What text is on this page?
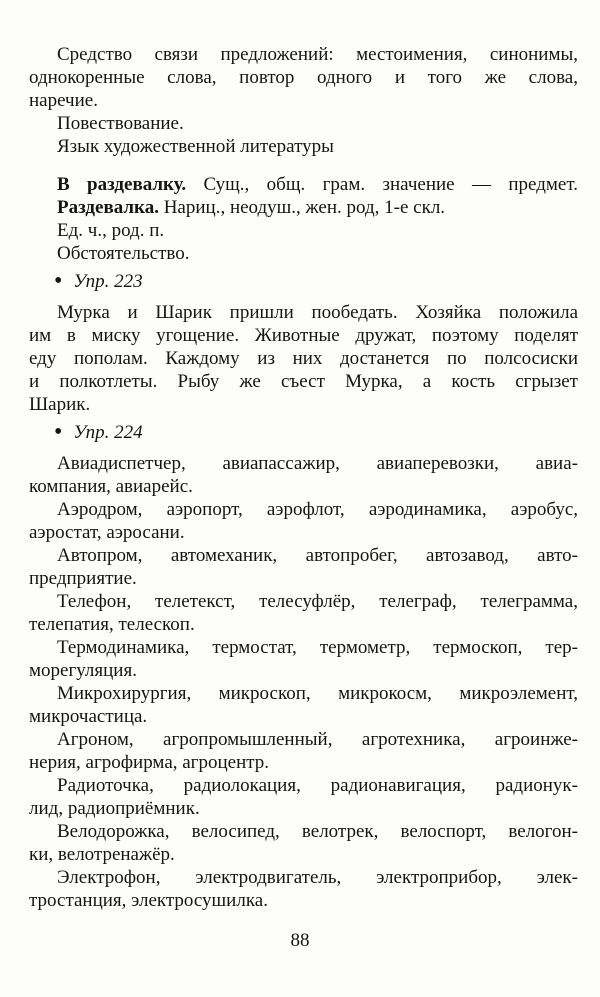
Средство связи предложений: местоимения, синонимы,
однокоренные слова, повтор одного и того же слова,
наречие.
Повествование.
Язык художественной литературы
В раздевалку. Сущ., общ. грам. значение — предмет.
Раздевалка. Нариц., неодуш., жен. род, 1-е скл.
Ед. ч., род. п.
Обстоятельство.
• Упр. 223
Мурка и Шарик пришли пообедать. Хозяйка положила
им в миску угощение. Животные дружат, поэтому поделят
еду пополам. Каждому из них достанется по полсосиски
и полкотлеты. Рыбу же съест Мурка, а кость сгрызет
Шарик.
• Упр. 224
Авиадиспетчер, авиапассажир, авиаперевозки, авиа-
компания, авиарейс.
Аэродром, аэропорт, аэрофлот, аэродинамика, аэробус,
аэростат, аэросани.
Автопром, автомеханик, автопробег, автозавод, авто-
предприятие.
Телефон, телетекст, телесуфлёр, телеграф, телеграмма,
телепатия, телескоп.
Термодинамика, термостат, термометр, термоскоп, тер-
морегуляция.
Микрохирургия, микроскоп, микрокосм, микроэлемент,
микрочастица.
Агроном, агропромышленный, агротехника, агроинже-
нерия, агрофирма, агроцентр.
Радиоточка, радиолокация, радионавигация, радионук-
лид, радиоприёмник.
Велодорожка, велосипед, велотрек, велоспорт, велогон-
ки, велотренажёр.
Электрофон, электродвигатель, электроприбор, элек-
тростанция, электросушилка.
88
